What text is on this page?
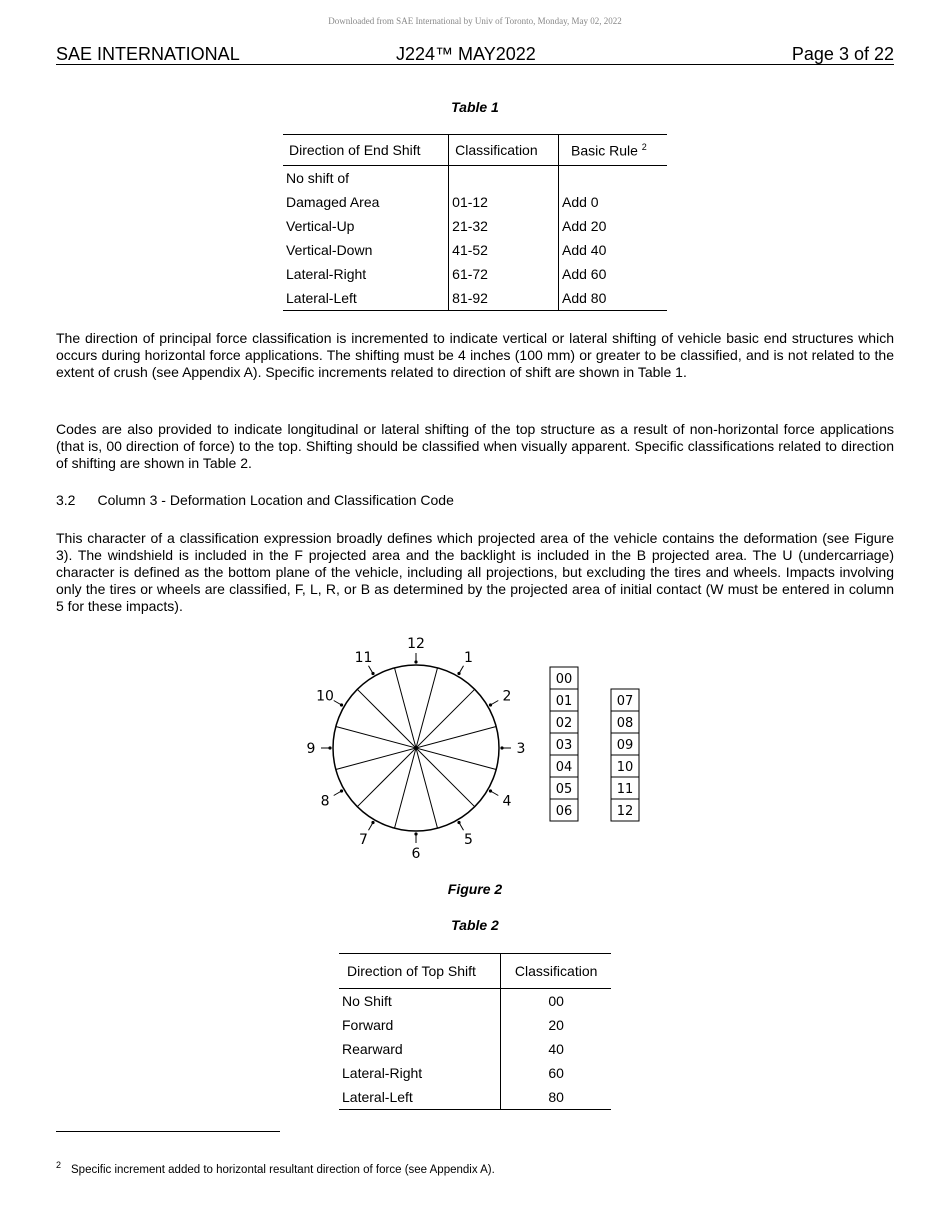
Downloaded from SAE International by Univ of Toronto, Monday, May 02, 2022
SAE INTERNATIONAL	J224™ MAY2022	Page 3 of 22
Table 1
Direction of End Shift	Classification	Basic Rule $^2$
No shift of		
Damaged Area	01-12	Add 0
Vertical-Up	21-32	Add 20
Vertical-Down	41-52	Add 40
Lateral-Right	61-72	Add 60
Lateral-Left	81-92	Add 80
The direction of principal force classification is incremented to indicate vertical or lateral shifting of vehicle basic end structures which occurs during horizontal force applications. The shifting must be 4 inches (100 mm) or greater to be classified, and is not related to the extent of crush (see Appendix A). Specific increments related to direction of shift are shown in Table 1.
Codes are also provided to indicate longitudinal or lateral shifting of the top structure as a result of non-horizontal force applications (that is, 00 direction of force) to the top. Shifting should be classified when visually apparent. Specific classifications related to direction of shifting are shown in Table 2.
3.2 Column 3 - Deformation Location and Classification Code
This character of a classification expression broadly defines which projected area of the vehicle contains the deformation (see Figure 3). The windshield is included in the F projected area and the backlight is included in the B projected area. The U (undercarriage) character is defined as the bottom plane of the vehicle, including all projections, but excluding the tires and wheels. Impacts involving only the tires or wheels are classified, F, L, R, or B as determined by the projected area of initial contact (W must be entered in column 5 for these impacts).
12
1
2
3
4
5
6
7
8
9
10
11
00
01
02
03
04
05
06
07
08
09
10
11
12
Figure 2
Table 2
Direction of Top Shift	Classification
No Shift	00
Forward	20
Rearward	40
Lateral-Right	60
Lateral-Left	80
$^2$ Specific increment added to horizontal resultant direction of force (see Appendix A).
